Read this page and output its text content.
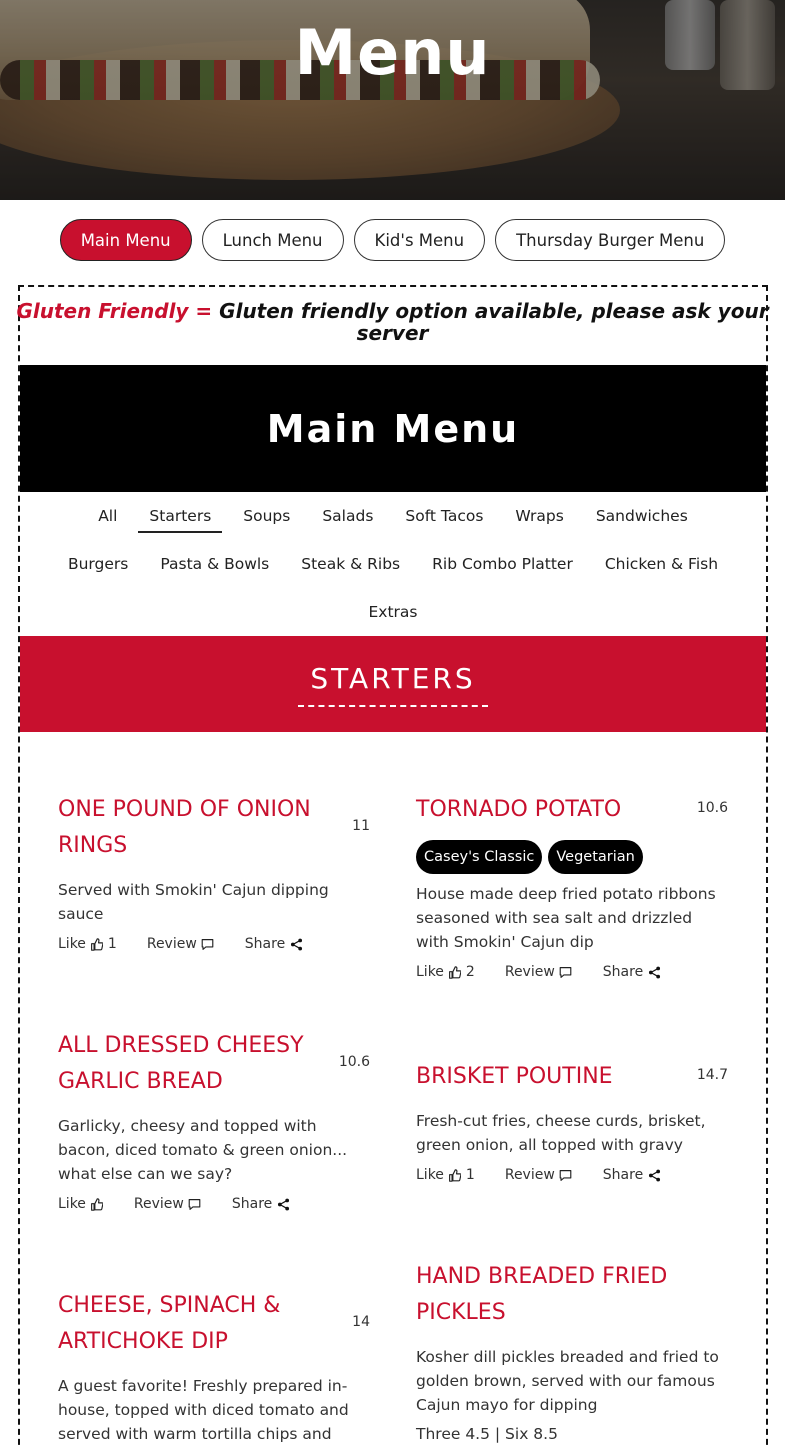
Menu
Main Menu	Lunch Menu	Kid's Menu	Thursday Burger Menu
Gluten Friendly = Gluten friendly option available, please ask your server
Main Menu
All	Starters	Soups	Salads	Soft Tacos	Wraps	Sandwiches
Burgers	Pasta & Bowls	Steak & Ribs	Rib Combo Platter	Chicken & Fish
Extras
STARTERS
ONE POUND OF ONION RINGS
11
Served with Smokin' Cajun dipping sauce
Like 1 Review	Share
TORNADO POTATO	10.6
Casey's Classic	Vegetarian
House made deep fried potato ribbons seasoned with sea salt and drizzled with Smokin' Cajun dip
Like 2 Review	Share
ALL DRESSED CHEESY GARLIC BREAD
10.6
Garlicky, cheesy and topped with bacon, diced tomato & green onion... what else can we say?
Like	Review	Share
BRISKET POUTINE	14.7
Fresh-cut fries, cheese curds, brisket, green onion, all topped with gravy
Like 1 Review	Share
CHEESE, SPINACH & ARTICHOKE DIP
14
A guest favorite! Freshly prepared in-house, topped with diced tomato and served with warm tortilla chips and
HAND BREADED FRIED PICKLES
Kosher dill pickles breaded and fried to golden brown, served with our famous Cajun mayo for dipping
Three 4.5 | Six 8.5
